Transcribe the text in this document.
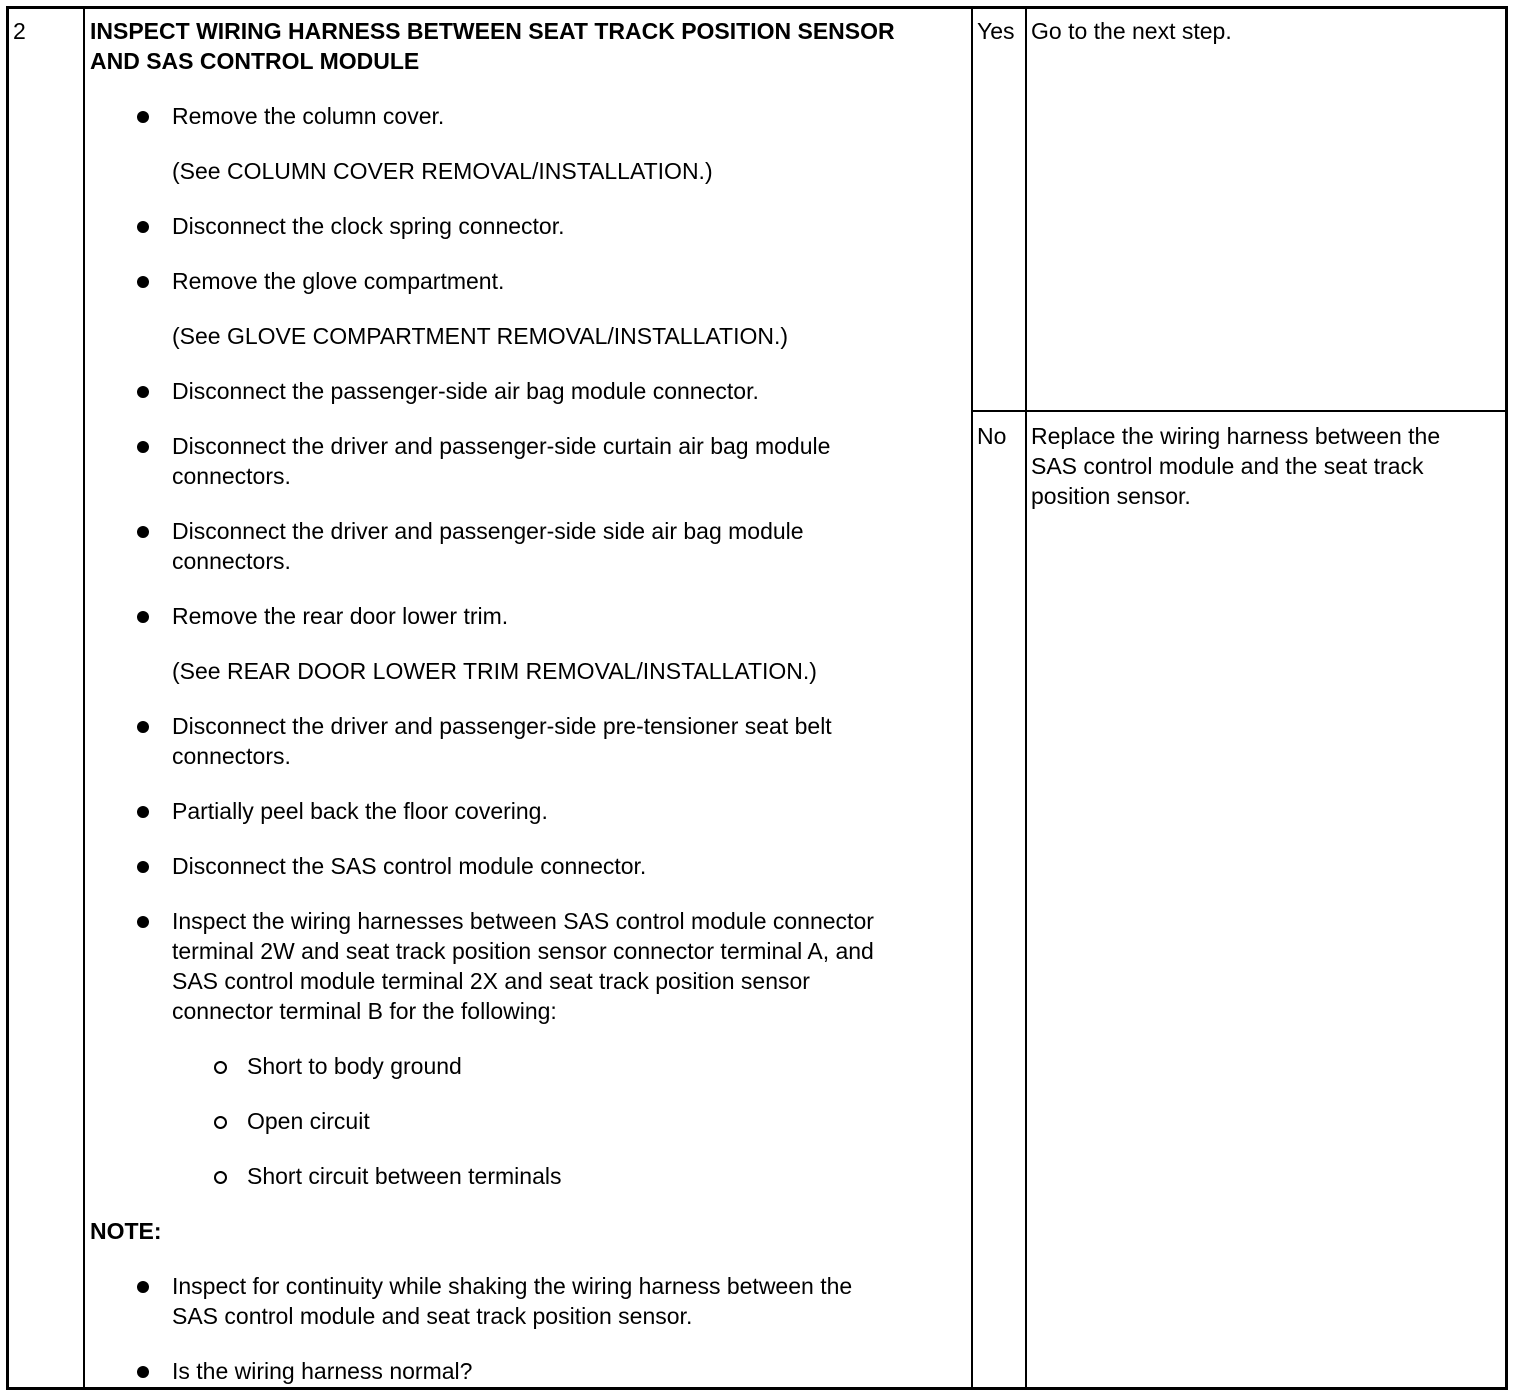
2	INSPECT WIRING HARNESS BETWEEN SEAT TRACK POSITION SENSOR
AND SAS CONTROL MODULE
Remove the column cover.
(See COLUMN COVER REMOVAL/INSTALLATION.)
Disconnect the clock spring connector.
Remove the glove compartment.
(See GLOVE COMPARTMENT REMOVAL/INSTALLATION.)
Disconnect the passenger-side air bag module connector.
Disconnect the driver and passenger-side curtain air bag module
connectors.
Disconnect the driver and passenger-side side air bag module
connectors.
Remove the rear door lower trim.
(See REAR DOOR LOWER TRIM REMOVAL/INSTALLATION.)
Disconnect the driver and passenger-side pre-tensioner seat belt
connectors.
Partially peel back the floor covering.
Disconnect the SAS control module connector.
Inspect the wiring harnesses between SAS control module connector
terminal 2W and seat track position sensor connector terminal A, and
SAS control module terminal 2X and seat track position sensor
connector terminal B for the following:
Short to body ground
Open circuit
Short circuit between terminals
NOTE:
Inspect for continuity while shaking the wiring harness between the
SAS control module and seat track position sensor.
Is the wiring harness normal?
Yes Go to the next step.
No Replace the wiring harness between the
SAS control module and the seat track
position sensor.
